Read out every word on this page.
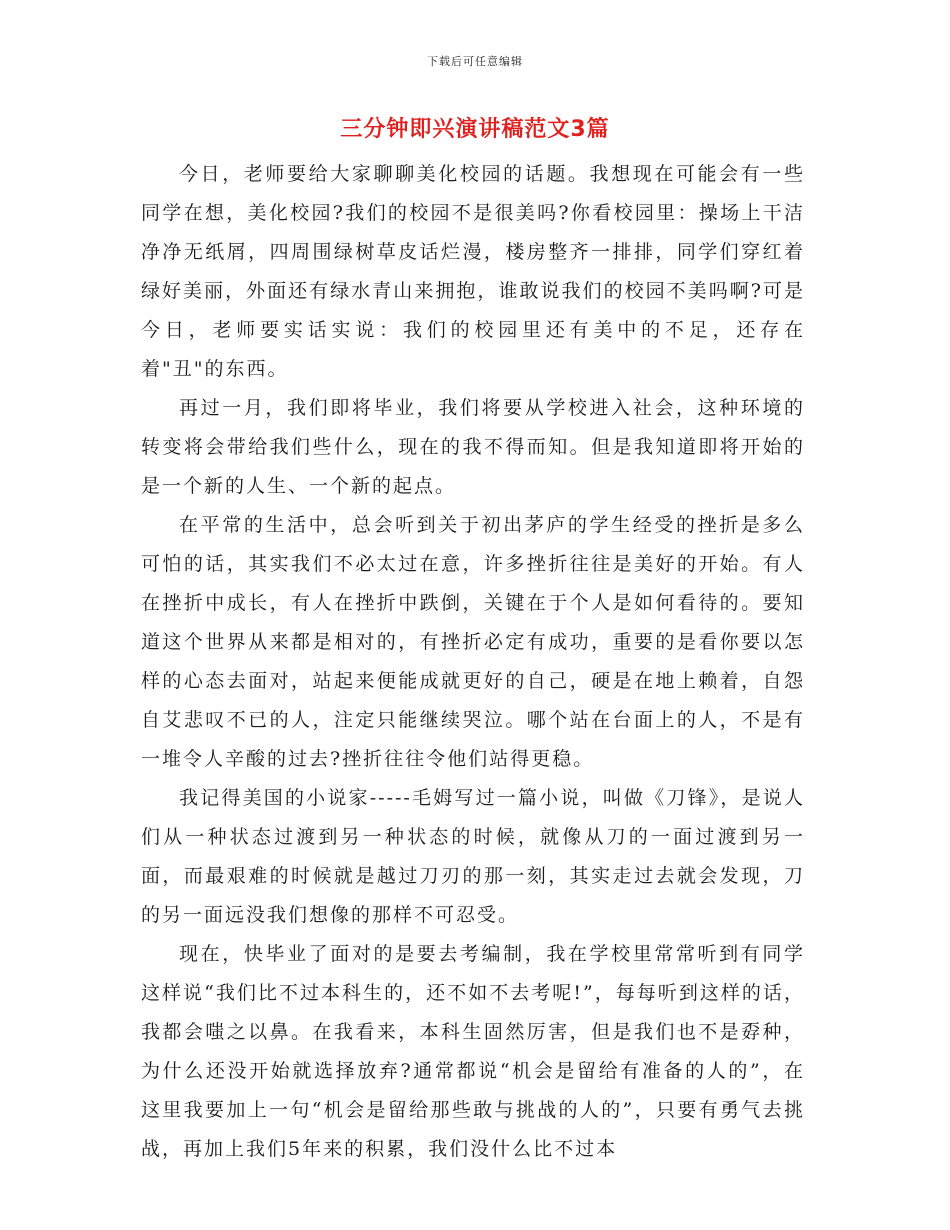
下载后可任意编辑
三分钟即兴演讲稿范文3篇

今日，老师要给大家聊聊美化校园的话题。我想现在可能会有一些同学在想，美化校园?我们的校园不是很美吗?你看校园里：操场上干洁净净无纸屑，四周围绿树草皮话烂漫，楼房整齐一排排，同学们穿红着绿好美丽，外面还有绿水青山来拥抱，谁敢说我们的校园不美吗啊?可是今日，老师要实话实说：我们的校园里还有美中的不足，还存在着"丑"的东西。

再过一月，我们即将毕业，我们将要从学校进入社会，这种环境的转变将会带给我们些什么，现在的我不得而知。但是我知道即将开始的是一个新的人生、一个新的起点。

在平常的生活中，总会听到关于初出茅庐的学生经受的挫折是多么可怕的话，其实我们不必太过在意，许多挫折往往是美好的开始。有人在挫折中成长，有人在挫折中跌倒，关键在于个人是如何看待的。要知道这个世界从来都是相对的，有挫折必定有成功，重要的是看你要以怎样的心态去面对，站起来便能成就更好的自己，硬是在地上赖着，自怨自艾悲叹不已的人，注定只能继续哭泣。哪个站在台面上的人，不是有一堆令人辛酸的过去?挫折往往令他们站得更稳。

我记得美国的小说家-----毛姆写过一篇小说，叫做《刀锋》，是说人们从一种状态过渡到另一种状态的时候，就像从刀的一面过渡到另一面，而最艰难的时候就是越过刀刃的那一刻，其实走过去就会发现，刀的另一面远没我们想像的那样不可忍受。

现在，快毕业了面对的是要去考编制，我在学校里常常听到有同学这样说“我们比不过本科生的，还不如不去考呢!”，每每听到这样的话，我都会嗤之以鼻。在我看来，本科生固然厉害，但是我们也不是孬种，为什么还没开始就选择放弃?通常都说“机会是留给有准备的人的”，在这里我要加上一句“机会是留给那些敢与挑战的人的”，只要有勇气去挑战，再加上我们5年来的积累，我们没什么比不过本
